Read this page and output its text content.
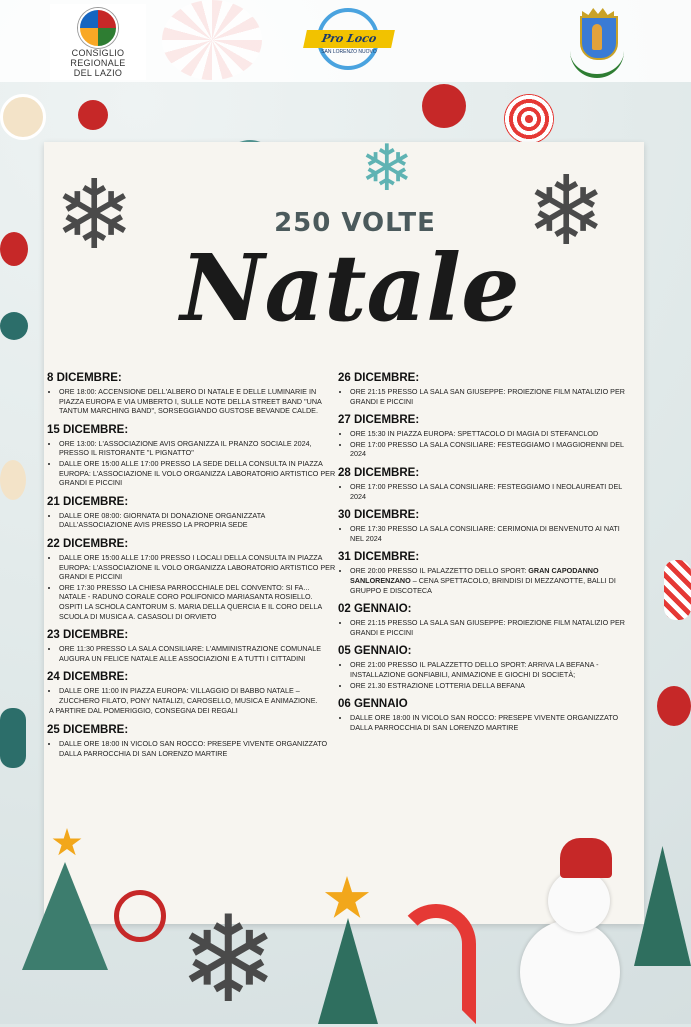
CONSIGLIO
REGIONALE
DEL LAZIO
Pro Loco
SAN LORENZO NUOVO
❄	❄
❄
250 VOLTE
Natale
8 DICEMBRE:
• ORE 18:00: ACCENSIONE DELL'ALBERO DI NATALE E DELLE LUMINARIE IN PIAZZA EUROPA E VIA UMBERTO I, SULLE NOTE DELLA STREET BAND "UNA TANTUM MARCHING BAND", SORSEGGIANDO GUSTOSE BEVANDE CALDE.
15 DICEMBRE:
• ORE 13:00: L'ASSOCIAZIONE AVIS ORGANIZZA IL PRANZO SOCIALE 2024, PRESSO IL RISTORANTE "L PIGNATTO"
• DALLE ORE 15:00 ALLE 17:00 PRESSO LA SEDE DELLA CONSULTA IN PIAZZA EUROPA: L'ASSOCIAZIONE IL VOLO ORGANIZZA LABORATORIO ARTISTICO PER GRANDI E PICCINI
21 DICEMBRE:
• DALLE ORE 08:00: GIORNATA DI DONAZIONE ORGANIZZATA DALL'ASSOCIAZIONE AVIS PRESSO LA PROPRIA SEDE
22 DICEMBRE:
• DALLE ORE 15:00 ALLE 17:00 PRESSO I LOCALI DELLA CONSULTA IN PIAZZA EUROPA: L'ASSOCIAZIONE IL VOLO ORGANIZZA LABORATORIO ARTISTICO PER GRANDI E PICCINI
• ORE 17:30 PRESSO LA CHIESA PARROCCHIALE DEL CONVENTO: SI FA... NATALE - RADUNO CORALE CORO POLIFONICO MARIASANTA ROSIELLO. OSPITI LA SCHOLA CANTORUM S. MARIA DELLA QUERCIA E IL CORO DELLA SCUOLA DI MUSICA A. CASASOLI DI ORVIETO
23 DICEMBRE:
• ORE 11:30 PRESSO LA SALA CONSILIARE: L'AMMINISTRAZIONE COMUNALE AUGURA UN FELICE NATALE ALLE ASSOCIAZIONI E A TUTTI I CITTADINI
24 DICEMBRE:
• DALLE ORE 11:00 IN PIAZZA EUROPA: VILLAGGIO DI BABBO NATALE – ZUCCHERO FILATO, PONY NATALIZI, CAROSELLO, MUSICA E ANIMAZIONE.

A PARTIRE DAL POMERIGGIO, CONSEGNA DEI REGALI

25 DICEMBRE:
• DALLE ORE 18:00 IN VICOLO SAN ROCCO: PRESEPE VIVENTE ORGANIZZATO DALLA PARROCCHIA DI SAN LORENZO MARTIRE
26 DICEMBRE:
• ORE 21:15 PRESSO LA SALA SAN GIUSEPPE: PROIEZIONE FILM NATALIZIO PER GRANDI E PICCINI
27 DICEMBRE:
• ORE 15:30 IN PIAZZA EUROPA: SPETTACOLO DI MAGIA DI STEFANCLOD
• ORE 17:00 PRESSO LA SALA CONSILIARE: FESTEGGIAMO I MAGGIORENNI DEL 2024
28 DICEMBRE:
• ORE 17:00 PRESSO LA SALA CONSILIARE: FESTEGGIAMO I NEOLAUREATI DEL 2024
30 DICEMBRE:
• ORE 17:30 PRESSO LA SALA CONSILIARE: CERIMONIA DI BENVENUTO AI NATI NEL 2024
31 DICEMBRE:
• ORE 20:00 PRESSO IL PALAZZETTO DELLO SPORT: GRAN CAPODANNO SANLORENZANO – CENA SPETTACOLO, BRINDISI DI MEZZANOTTE, BALLI DI GRUPPO E DISCOTECA
02 GENNAIO:
• ORE 21:15 PRESSO LA SALA SAN GIUSEPPE: PROIEZIONE FILM NATALIZIO PER GRANDI E PICCINI
05 GENNAIO:
• ORE 21:00 PRESSO IL PALAZZETTO DELLO SPORT: ARRIVA LA BEFANA - INSTALLAZIONE GONFIABILI, ANIMAZIONE E GIOCHI DI SOCIETÀ;
• ORE 21.30 ESTRAZIONE LOTTERIA DELLA BEFANA
06 GENNAIO
• DALLE ORE 18:00 IN VICOLO SAN ROCCO: PRESEPE VIVENTE ORGANIZZATO DALLA PARROCCHIA DI SAN LORENZO MARTIRE
❄
